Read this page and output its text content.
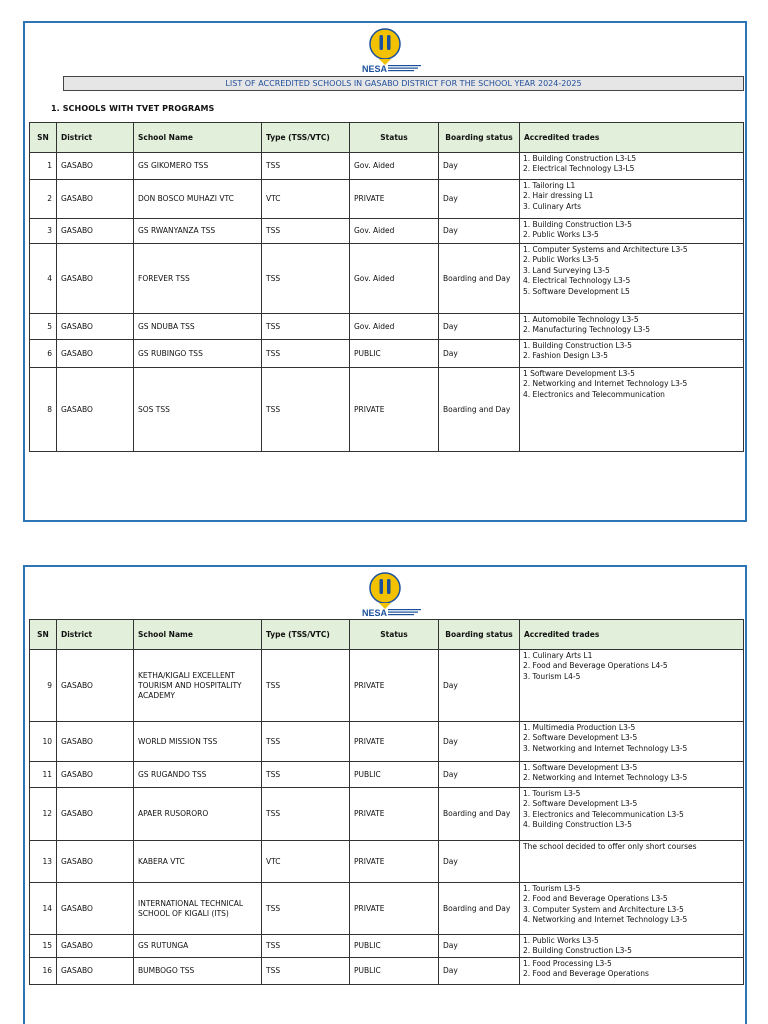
NESA
LIST OF ACCREDITED SCHOOLS IN GASABO DISTRICT FOR THE SCHOOL YEAR 2024-2025
1. SCHOOLS WITH TVET PROGRAMS
SN	District	School Name	Type (TSS/VTC)	Status	Boarding status	Accredited trades
1	GASABO	GS GIKOMERO TSS	TSS	Gov. Aided	Day	1. Building Construction L3-L5
2. Electrical Technology L3-L5

2	GASABO	DON BOSCO MUHAZI VTC	VTC	PRIVATE	Day	1. Tailoring L1
2. Hair dressing L1
3. Culinary Arts

3	GASABO	GS RWANYANZA TSS	TSS	Gov. Aided	Day	1. Building Construction L3-5
2. Public Works L3-5

4	GASABO	FOREVER TSS	TSS	Gov. Aided	Boarding and Day	1. Computer Systems and Architecture L3-5
2. Public Works L3-5
3. Land Surveying L3-5
4. Electrical Technology L3-5
5. Software Development L5

5	GASABO	GS NDUBA TSS	TSS	Gov. Aided	Day	1. Automobile Technology L3-5
2. Manufacturing Technology L3-5

6	GASABO	GS RUBINGO TSS	TSS	PUBLIC	Day	1. Building Construction L3-5
2. Fashion Design L3-5

8	GASABO	SOS TSS	TSS	PRIVATE	Boarding and Day	1 Software Development L3-5
2. Networking and Internet Technology L3-5
4. Electronics and Telecommunication
NESA
SN	District	School Name	Type (TSS/VTC)	Status	Boarding status	Accredited trades
9	GASABO	KETHA/KIGALI EXCELLENT TOURISM AND HOSPITALITY ACADEMY	TSS	PRIVATE	Day	1. Culinary Arts L1
2. Food and Beverage Operations L4-5
3. Tourism L4-5

10	GASABO	WORLD MISSION TSS	TSS	PRIVATE	Day	1. Multimedia Production L3-5
2. Software Development L3-5
3. Networking and Internet Technology L3-5

11	GASABO	GS RUGANDO TSS	TSS	PUBLIC	Day	1. Software Development L3-5
2. Networking and Internet Technology L3-5

12	GASABO	APAER RUSORORO	TSS	PRIVATE	Boarding and Day	1. Tourism L3-5
2. Software Development L3-5
3. Electronics and Telecommunication L3-5
4. Building Construction L3-5

13	GASABO	KABERA VTC	VTC	PRIVATE	Day	The school decided to offer only short courses

14	GASABO	INTERNATIONAL TECHNICAL SCHOOL OF KIGALI (ITS)	TSS	PRIVATE	Boarding and Day	1. Tourism L3-5
2. Food and Beverage Operations L3-5
3. Computer System and Architecture L3-5
4. Networking and Internet Technology L3-5

15	GASABO	GS RUTUNGA	TSS	PUBLIC	Day	1. Public Works L3-5
2. Building Construction L3-5

16	GASABO	BUMBOGO TSS	TSS	PUBLIC	Day	1. Food Processing L3-5
2. Food and Beverage Operations
